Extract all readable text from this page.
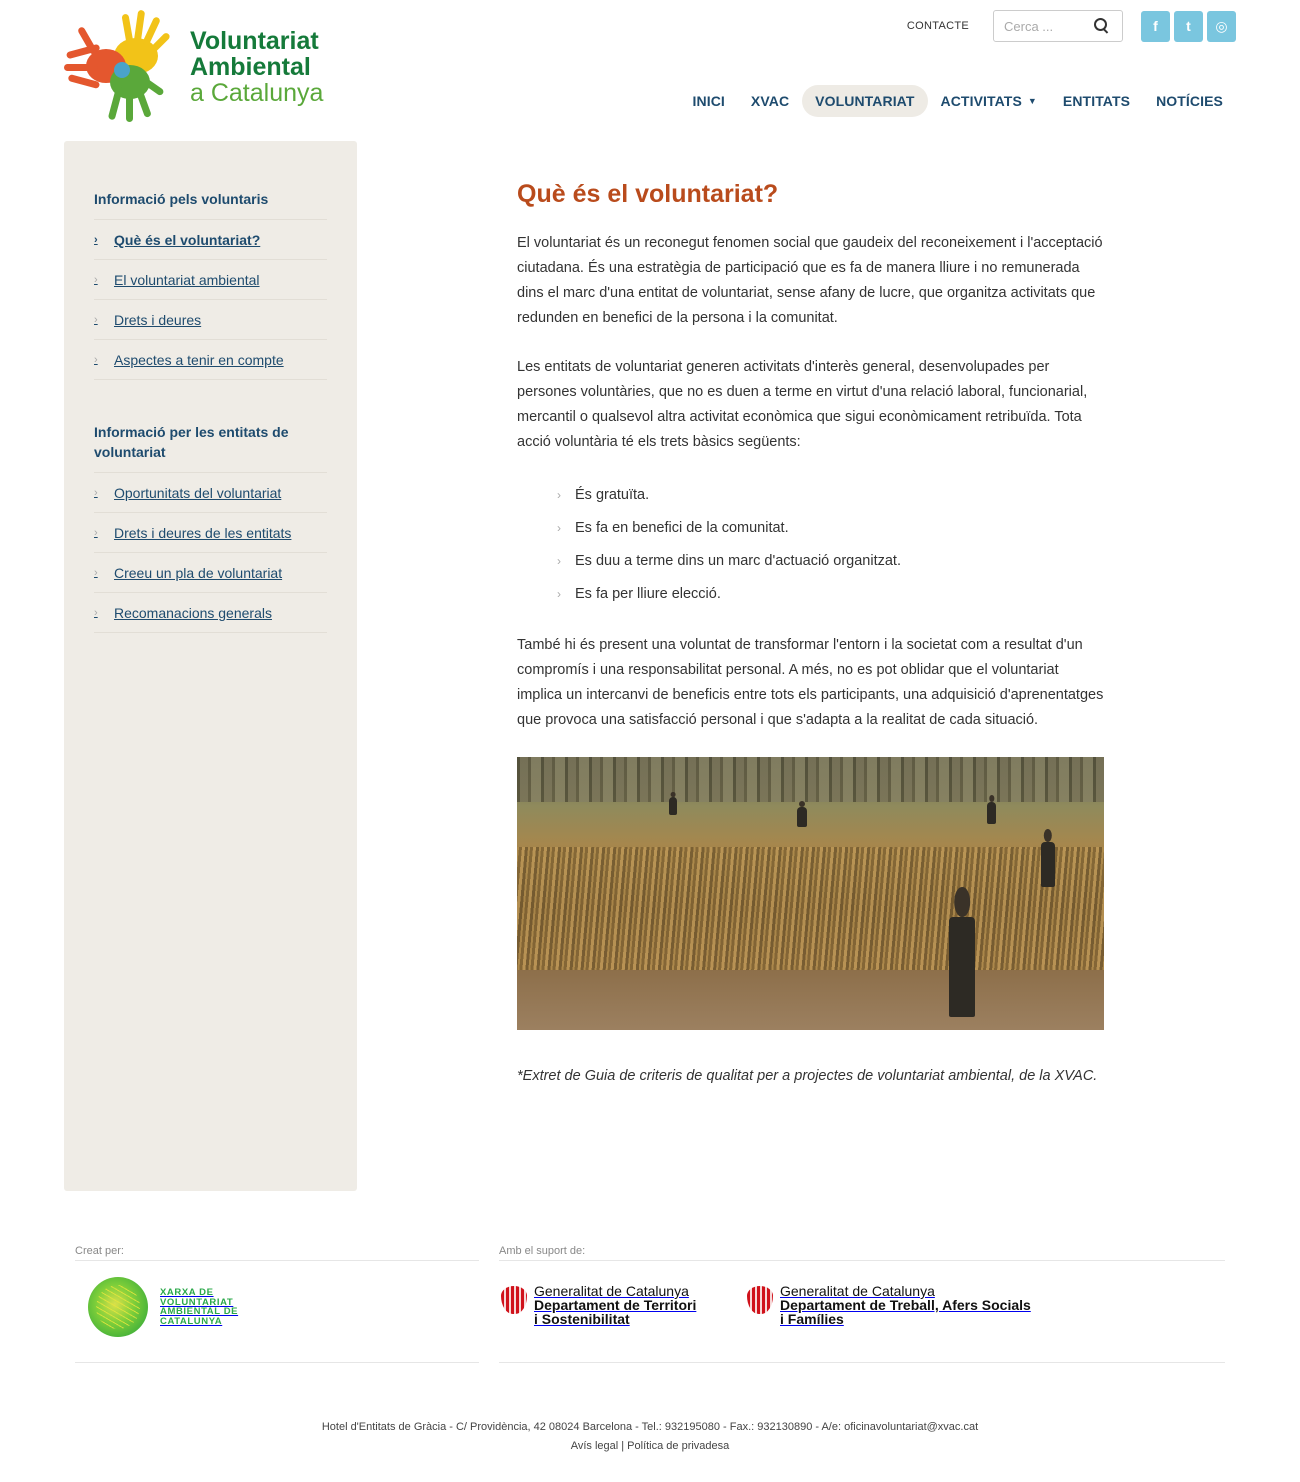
Voluntariat
Ambiental
a Catalunya
CONTACTE
Cerca ...	f	t	◎
INICI XVAC VOLUNTARIAT ACTIVITATS ▼ ENTITATS NOTÍCIES
Informació pels voluntaris
›	Què és el voluntariat?
›	El voluntariat ambiental
›	Drets i deures
›	Aspectes a tenir en compte
Informació per les entitats de voluntariat
›	Oportunitats del voluntariat
›	Drets i deures de les entitats
›	Creeu un pla de voluntariat
›	Recomanacions generals
Què és el voluntariat?

El voluntariat és un reconegut fenomen social que gaudeix del reconeixement i l'acceptació ciutadana. És una estratègia de participació que es fa de manera lliure i no remunerada dins el marc d'una entitat de voluntariat, sense afany de lucre, que organitza activitats que redunden en benefici de la persona i la comunitat.

Les entitats de voluntariat generen activitats d'interès general, desenvolupades per persones voluntàries, que no es duen a terme en virtut d'una relació laboral, funcionarial, mercantil o qualsevol altra activitat econòmica que sigui econòmicament retribuïda. Tota acció voluntària té els trets bàsics següents:

› És gratuïta.
› Es fa en benefici de la comunitat.
› Es duu a terme dins un marc d'actuació organitzat.
› Es fa per lliure elecció.

També hi és present una voluntat de transformar l'entorn i la societat com a resultat d'un compromís i una responsabilitat personal. A més, no es pot oblidar que el voluntariat implica un intercanvi de beneficis entre tots els participants, una adquisició d'aprenentatges que provoca una satisfacció personal i que s'adapta a la realitat de cada situació.

*Extret de Guia de criteris de qualitat per a projectes de voluntariat ambiental, de la XVAC.

Creat per:	Amb el suport de:
XARXA DE
VOLUNTARIAT
AMBIENTAL DE
CATALUNYA
Generalitat de Catalunya
Departament de Territori
i Sostenibilitat
Generalitat de Catalunya
Departament de Treball, Afers Socials
i Famílies
Hotel d'Entitats de Gràcia - C/ Providència, 42 08024 Barcelona - Tel.: 932195080 - Fax.: 932130890 - A/e: oficinavoluntariat@xvac.cat
Avís legal | Política de privadesa
